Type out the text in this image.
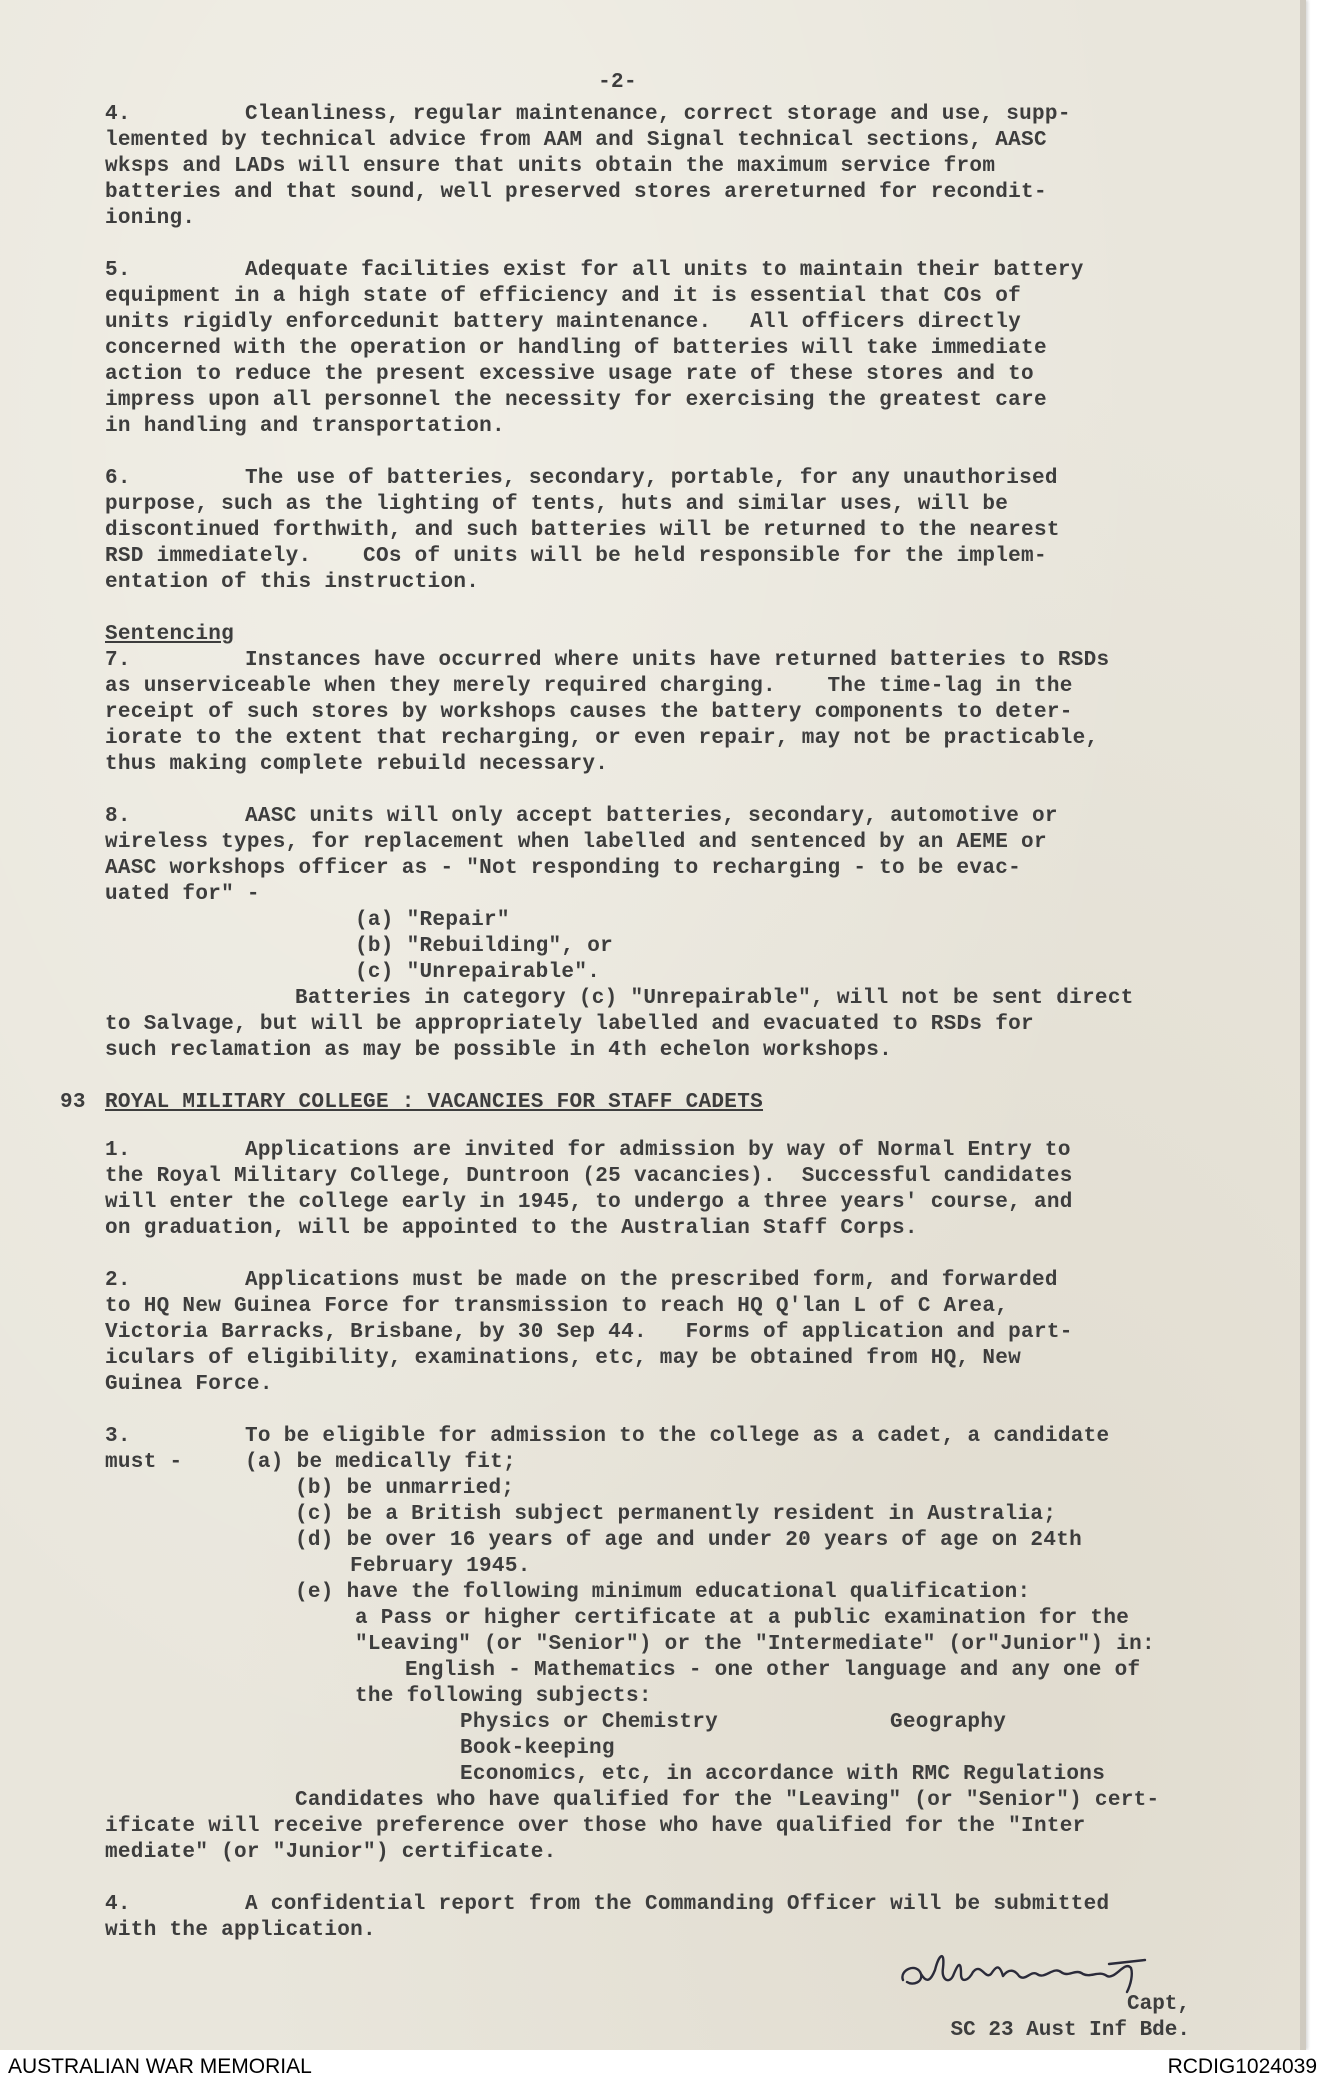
-2-

4.	Cleanliness, regular maintenance, correct storage and use, supp-

lemented by technical advice from AAM and Signal technical sections, AASC

wksps and LADs will ensure that units obtain the maximum service from

batteries and that sound, well preserved stores arereturned for recondit-

ioning.

5.	Adequate facilities exist for all units to maintain their battery

equipment in a high state of efficiency and it is essential that COs of

units rigidly enforcedunit battery maintenance.   All officers directly

concerned with the operation or handling of batteries will take immediate

action to reduce the present excessive usage rate of these stores and to

impress upon all personnel the necessity for exercising the greatest care

in handling and transportation.

6.	The use of batteries, secondary, portable, for any unauthorised

purpose, such as the lighting of tents, huts and similar uses, will be

discontinued forthwith, and such batteries will be returned to the nearest

RSD immediately.    COs of units will be held responsible for the implem-

entation of this instruction.

Sentencing

7.	Instances have occurred where units have returned batteries to RSDs

as unserviceable when they merely required charging.    The time-lag in the

receipt of such stores by workshops causes the battery components to deter-

iorate to the extent that recharging, or even repair, may not be practicable,

thus making complete rebuild necessary.

8.	AASC units will only accept batteries, secondary, automotive or

wireless types, for replacement when labelled and sentenced by an AEME or

AASC workshops officer as - "Not responding to recharging - to be evac-

uated for" -

(a) "Repair"

(b) "Rebuilding", or

(c) "Unrepairable".

Batteries in category (c) "Unrepairable", will not be sent direct

to Salvage, but will be appropriately labelled and evacuated to RSDs for

such reclamation as may be possible in 4th echelon workshops.

93 ROYAL MILITARY COLLEGE : VACANCIES FOR STAFF CADETS

1.	Applications are invited for admission by way of Normal Entry to

the Royal Military College, Duntroon (25 vacancies).  Successful candidates

will enter the college early in 1945, to undergo a three years' course, and

on graduation, will be appointed to the Australian Staff Corps.

2.	Applications must be made on the prescribed form, and forwarded

to HQ New Guinea Force for transmission to reach HQ Q'lan L of C Area,

Victoria Barracks, Brisbane, by 30 Sep 44.   Forms of application and part-

iculars of eligibility, examinations, etc, may be obtained from HQ, New

Guinea Force.

3.	To be eligible for admission to the college as a cadet, a candidate

must -	(a) be medically fit;

(b) be unmarried;

(c) be a British subject permanently resident in Australia;

(d) be over 16 years of age and under 20 years of age on 24th

February 1945.

(e) have the following minimum educational qualification:

a Pass or higher certificate at a public examination for the

"Leaving" (or "Senior") or the "Intermediate" (or"Junior") in:

English - Mathematics - one other language and any one of

the following subjects:

Physics or Chemistry	Geography

Book-keeping

Economics, etc, in accordance with RMC Regulations

Candidates who have qualified for the "Leaving" (or "Senior") cert-

ificate will receive preference over those who have qualified for the "Inter

mediate" (or "Junior") certificate.

4.	A confidential report from the Commanding Officer will be submitted

with the application.

Capt,
SC 23 Aust Inf Bde.
AUSTRALIAN WAR MEMORIAL	RCDIG1024039
